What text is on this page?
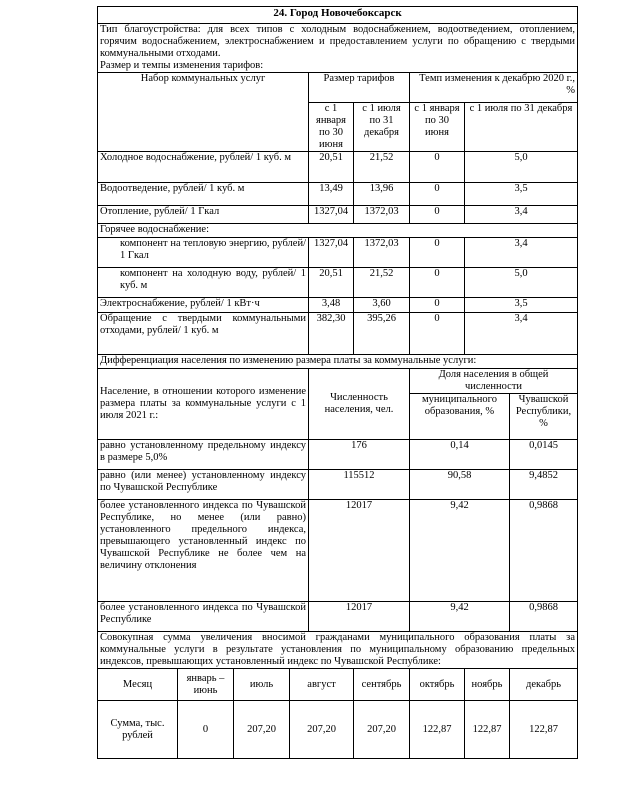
24. Город Новочебоксарск								
Тип благоустройства: для всех типов с холодным водоснабжением, водоотведением, отоплением, горячим водоснабжением, электроснабжением и предоставлением услуги по обращению с твердыми коммунальными отходами.								
Размер и темпы изменения тарифов:								
Набор коммунальных услуг				Размер тарифов		Темп изменения к декабрю 2020 г., %		
				с 1 января по 30 июня	с 1 июля по 31 декабря	с 1 января по 30 июня	с 1 июля по 31 декабря	
Холодное водоснабжение, рублей/ 1 куб. м				20,51	21,52	0	5,0	
Водоотведение, рублей/ 1 куб. м				13,49	13,96	0	3,5	
Отопление, рублей/ 1 Гкал				1327,04	1372,03	0	3,4	
Горячее водоснабжение:								
компонент на тепловую энергию, рублей/ 1 Гкал				1327,04	1372,03	0	3,4	
компонент на холодную воду, рублей/ 1 куб. м				20,51	21,52	0	5,0	
Электроснабжение, рублей/ 1 кВт·ч				3,48	3,60	0	3,5	
Обращение с твердыми коммунальными отходами, рублей/ 1 куб. м				382,30	395,26	0	3,4	
Дифференциация населения по изменению размера платы за коммунальные услуги:								
Население, в отношении которого изменение размера платы за коммунальные услуги с 1 июля 2021 г.:				Численность населения, чел.		Доля населения в общей численности		
						муниципального образования, %		Чувашской Республики, %
равно установленному предельному индексу в размере 5,0%				176		0,14		0,0145
равно (или менее) установленному индексу по Чувашской Республике				115512		90,58		9,4852
более установленного индекса по Чувашской Республике, но менее (или равно) установленного предельного индекса, превышающего установленный индекс по Чувашской Республике не более чем на величину отклонения				12017		9,42		0,9868
более установленного индекса по Чувашской Республике				12017		9,42		0,9868
Совокупная сумма увеличения вносимой гражданами муниципального образования платы за коммунальные услуги в результате установления по муниципальному образованию предельных индексов, превышающих установленный индекс по Чувашской Республике:								
Месяц	январь – июнь	июль	август		сентябрь	октябрь	ноябрь	декабрь
Сумма, тыс. рублей	0	207,20	207,20		207,20	122,87	122,87	122,87
